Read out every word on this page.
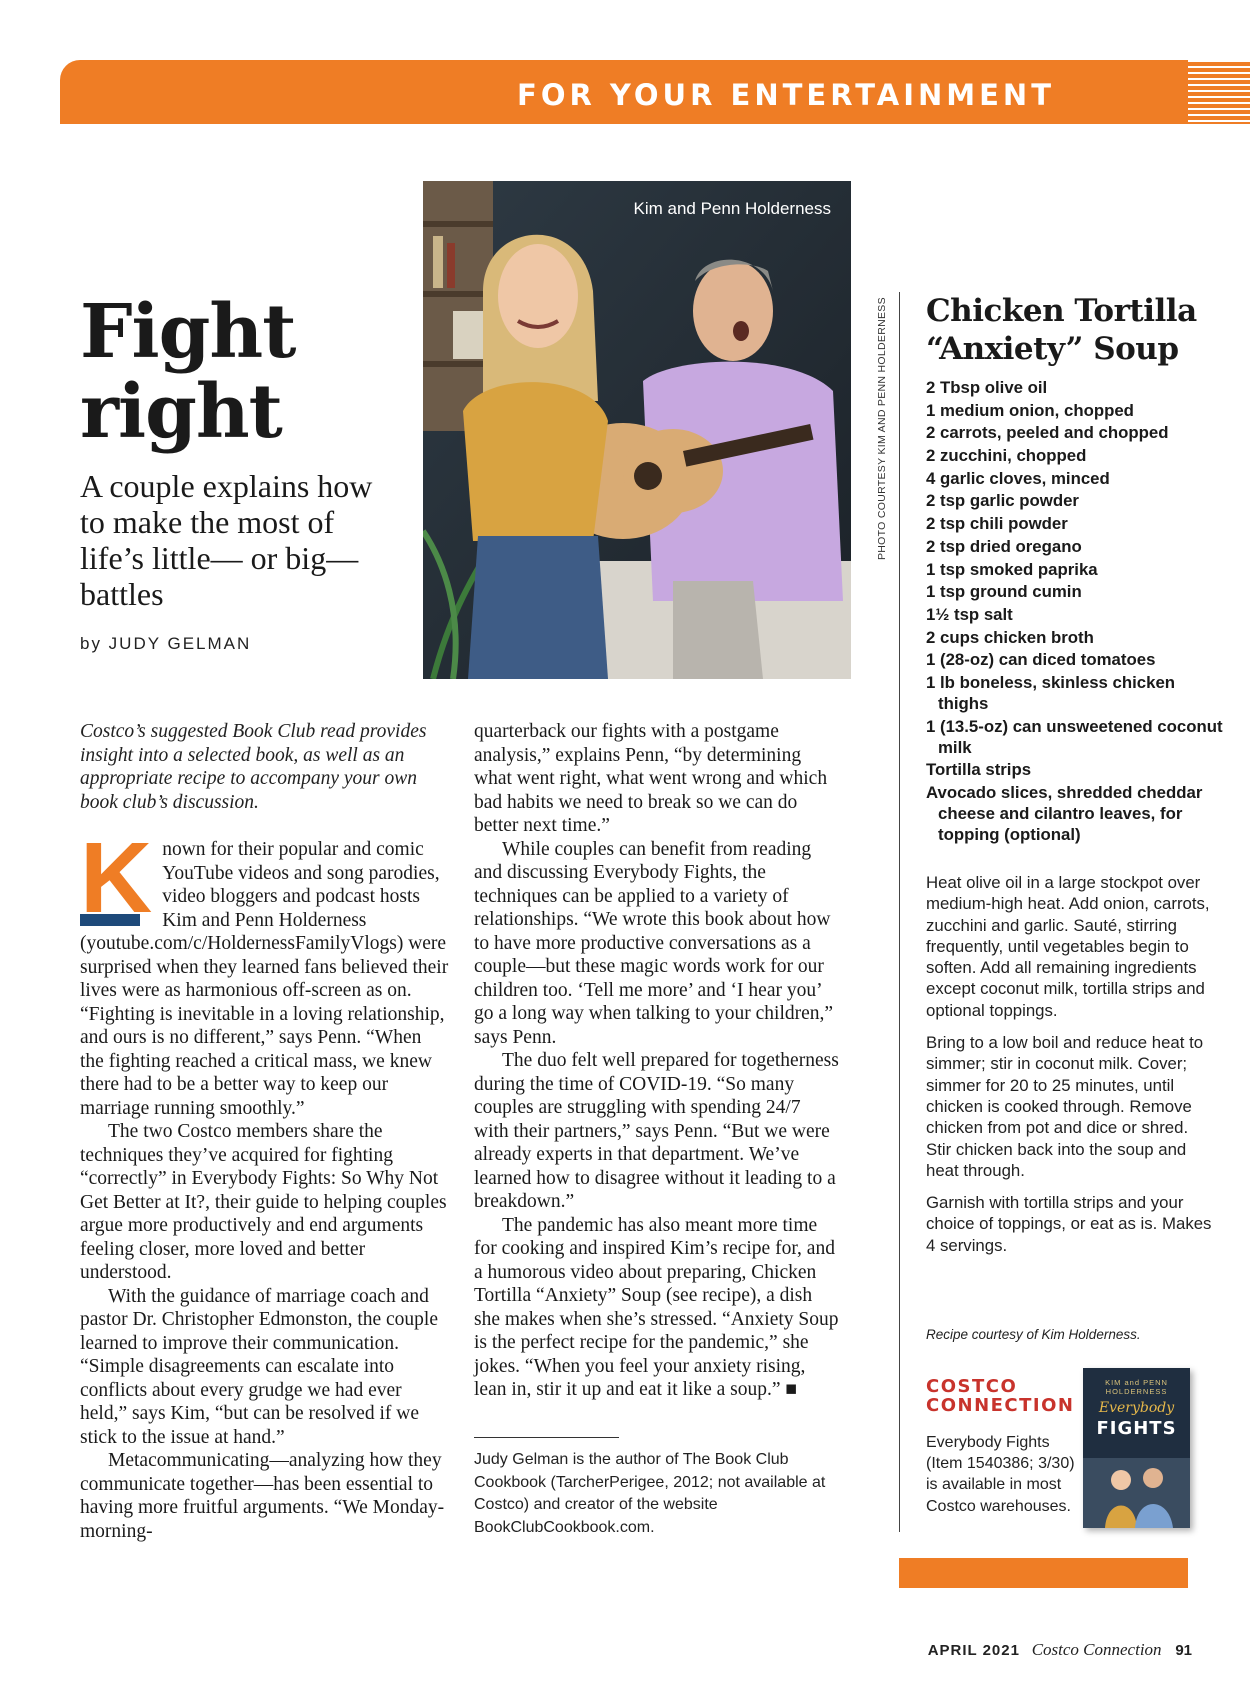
FOR YOUR ENTERTAINMENT
Fight
right
A couple explains how to make the most of life’s little— or big—battles
by JUDY GELMAN
Kim and Penn Holderness
PHOTO COURTESY KIM AND PENN HOLDERNESS
Costco’s suggested Book Club read provides insight into a selected book, as well as an appropriate recipe to accompany your own book club’s discussion.

Known for their popular and comic YouTube videos and song parodies, video bloggers and podcast hosts Kim and Penn Holderness (youtube.com/c/HoldernessFamilyVlogs) were surprised when they learned fans believed their lives were as harmonious off-screen as on. “Fighting is inevitable in a loving relationship, and ours is no different,” says Penn. “When the fighting reached a critical mass, we knew there had to be a better way to keep our marriage running smoothly.”

The two Costco members share the techniques they’ve acquired for fighting “correctly” in Everybody Fights: So Why Not Get Better at It?, their guide to helping couples argue more productively and end arguments feeling closer, more loved and better understood.

With the guidance of marriage coach and pastor Dr. Christopher Edmonston, the couple learned to improve their communication. “Simple disagreements can escalate into conflicts about every grudge we had ever held,” says Kim, “but can be resolved if we stick to the issue at hand.”

Metacommunicating—analyzing how they communicate together—has been essential to having more fruitful arguments. “We Monday-morning-

quarterback our fights with a postgame analysis,” explains Penn, “by determining what went right, what went wrong and which bad habits we need to break so we can do better next time.”

While couples can benefit from reading and discussing Everybody Fights, the techniques can be applied to a variety of relationships. “We wrote this book about how to have more productive conversations as a couple—but these magic words work for our children too. ‘Tell me more’ and ‘I hear you’ go a long way when talking to your children,” says Penn.

The duo felt well prepared for togetherness during the time of COVID-19. “So many couples are struggling with spending 24/7 with their partners,” says Penn. “But we were already experts in that department. We’ve learned how to disagree without it leading to a breakdown.”

The pandemic has also meant more time for cooking and inspired Kim’s recipe for, and a humorous video about preparing, Chicken Tortilla “Anxiety” Soup (see recipe), a dish she makes when she’s stressed. “Anxiety Soup is the perfect recipe for the pandemic,” she jokes. “When you feel your anxiety rising, lean in, stir it up and eat it like a soup.” ■

Judy Gelman is the author of The Book Club Cookbook (TarcherPerigee, 2012; not available at Costco) and creator of the website BookClubCookbook.com.
Chicken Tortilla “Anxiety” Soup
2 Tbsp olive oil
1 medium onion, chopped
2 carrots, peeled and chopped
2 zucchini, chopped
4 garlic cloves, minced
2 tsp garlic powder
2 tsp chili powder
2 tsp dried oregano
1 tsp smoked paprika
1 tsp ground cumin
1½ tsp salt
2 cups chicken broth
1 (28-oz) can diced tomatoes
1 lb boneless, skinless chicken thighs
1 (13.5-oz) can unsweetened coconut milk
Tortilla strips
Avocado slices, shredded cheddar cheese and cilantro leaves, for topping (optional)

Heat olive oil in a large stockpot over medium-high heat. Add onion, carrots, zucchini and garlic. Sauté, stirring frequently, until vegetables begin to soften. Add all remaining ingredients except coconut milk, tortilla strips and optional toppings.

Bring to a low boil and reduce heat to simmer; stir in coconut milk. Cover; simmer for 20 to 25 minutes, until chicken is cooked through. Remove chicken from pot and dice or shred. Stir chicken back into the soup and heat through.

Garnish with tortilla strips and your choice of toppings, or eat as is. Makes 4 servings.

Recipe courtesy of Kim Holderness.
COSTCO
CONNECTION
Everybody Fights (Item 1540386; 3/30) is available in most Costco warehouses.
KIM and PENN HOLDERNESS
Everybody
FIGHTS
APRIL 2021 Costco Connection 91
